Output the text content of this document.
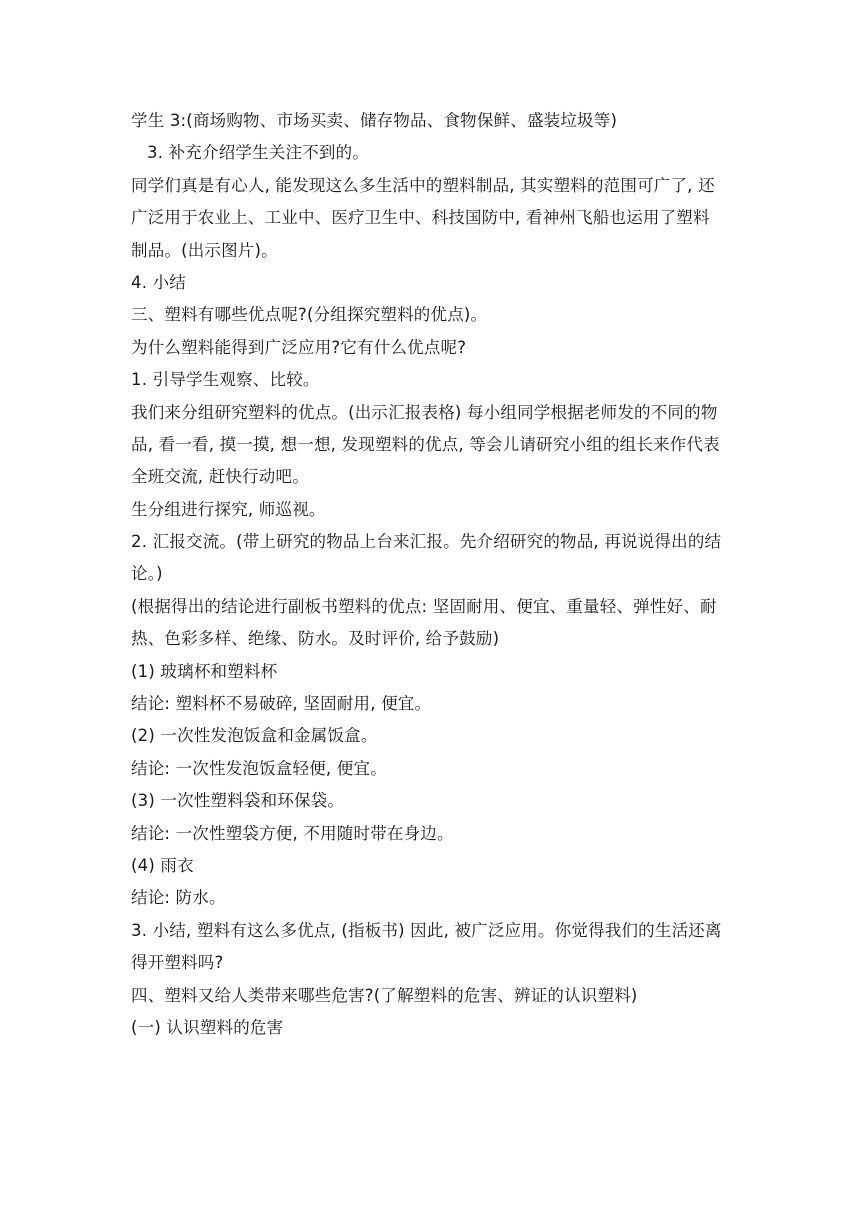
学生 3:(商场购物、市场买卖、储存物品、食物保鲜、盛装垃圾等)
3. 补充介绍学生关注不到的。
同学们真是有心人, 能发现这么多生活中的塑料制品, 其实塑料的范围可广了, 还
广泛用于农业上、工业中、医疗卫生中、科技国防中, 看神州飞船也运用了塑料
制品。(出示图片)。
4. 小结
三、塑料有哪些优点呢?(分组探究塑料的优点)。
为什么塑料能得到广泛应用?它有什么优点呢?
1. 引导学生观察、比较。
我们来分组研究塑料的优点。(出示汇报表格) 每小组同学根据老师发的不同的物
品, 看一看, 摸一摸, 想一想, 发现塑料的优点, 等会儿请研究小组的组长来作代表
全班交流, 赶快行动吧。
生分组进行探究, 师巡视。
2. 汇报交流。(带上研究的物品上台来汇报。先介绍研究的物品, 再说说得出的结
论。)
(根据得出的结论进行副板书塑料的优点: 坚固耐用、便宜、重量轻、弹性好、耐
热、色彩多样、绝缘、防水。及时评价, 给予鼓励)
(1) 玻璃杯和塑料杯
结论: 塑料杯不易破碎, 坚固耐用, 便宜。
(2) 一次性发泡饭盒和金属饭盒。
结论: 一次性发泡饭盒轻便, 便宜。
(3) 一次性塑料袋和环保袋。
结论: 一次性塑袋方便, 不用随时带在身边。
(4) 雨衣
结论: 防水。
3. 小结, 塑料有这么多优点, (指板书) 因此, 被广泛应用。你觉得我们的生活还离
得开塑料吗?
四、塑料又给人类带来哪些危害?(了解塑料的危害、辨证的认识塑料)
(一) 认识塑料的危害
